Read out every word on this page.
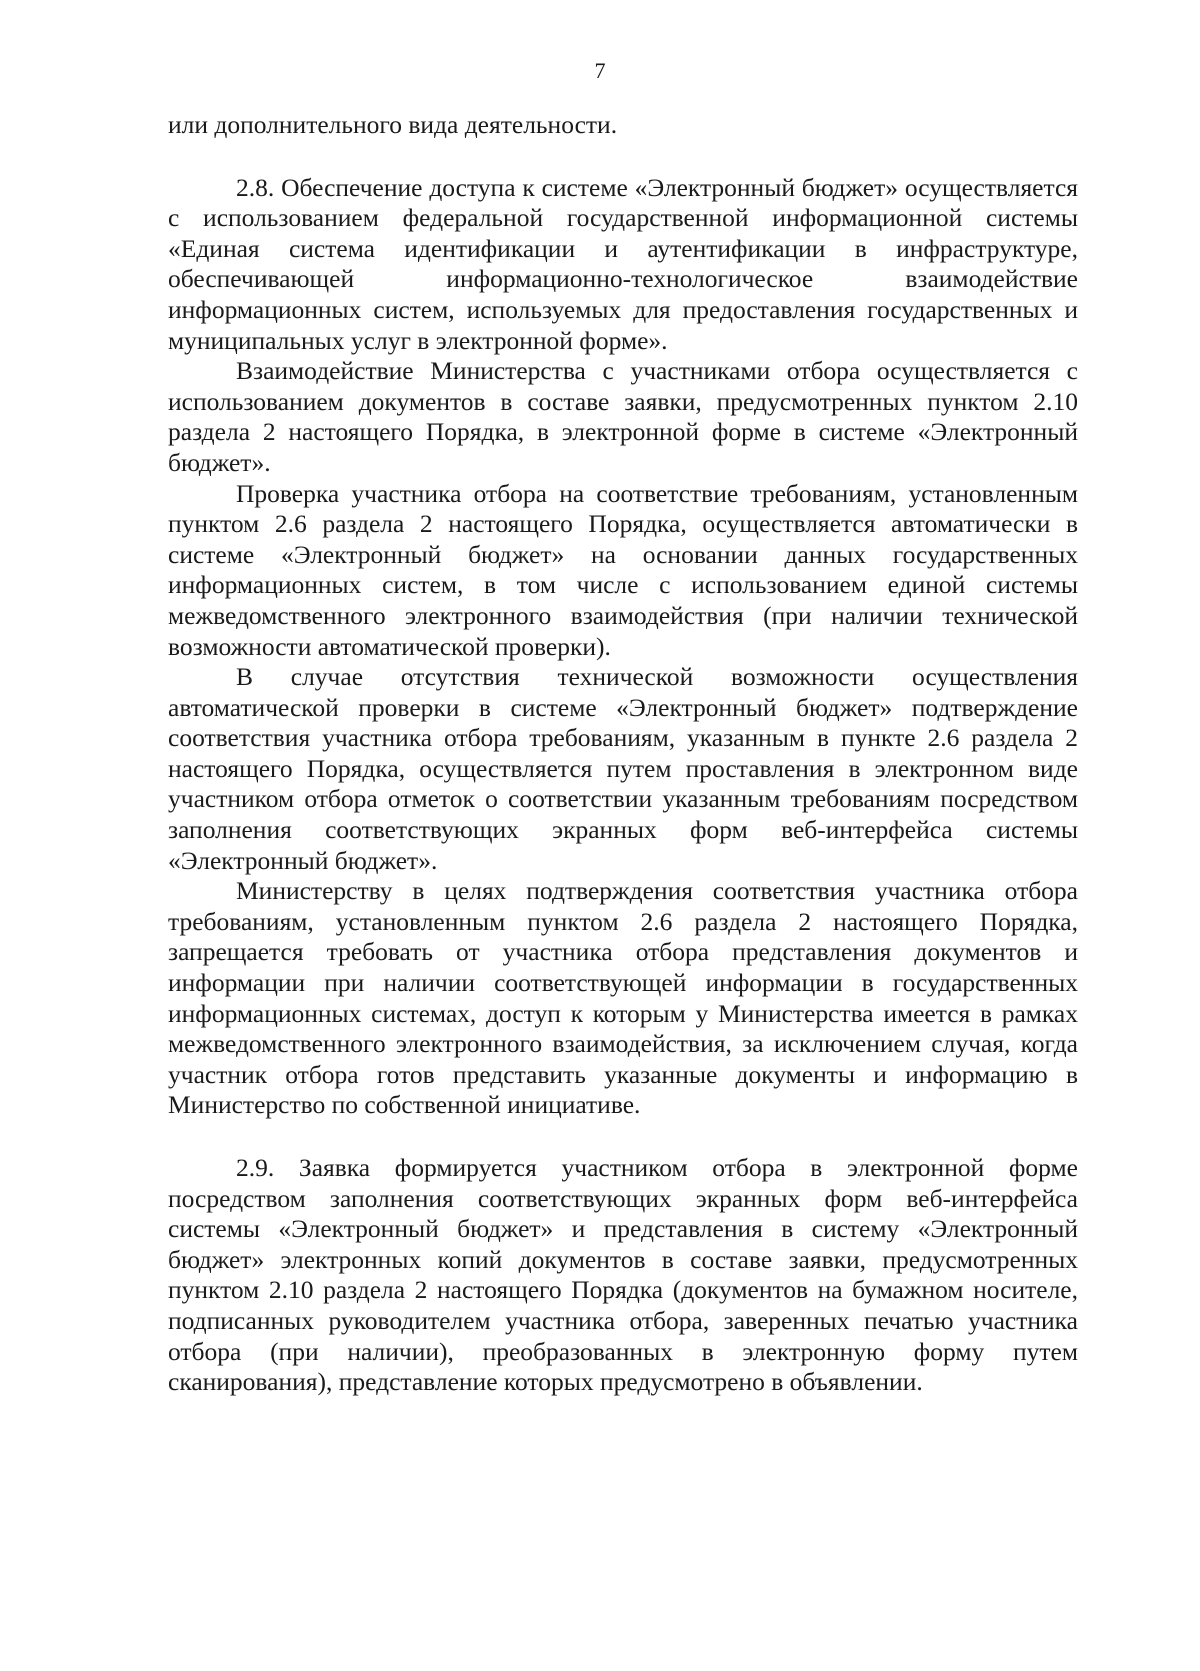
7

или дополнительного вида деятельности.

2.8. Обеспечение доступа к системе «Электронный бюджет» осуществляется с использованием федеральной государственной информационной системы «Единая система идентификации и аутентификации в инфраструктуре, обеспечивающей информационно-технологическое взаимодействие информационных систем, используемых для предоставления государственных и муниципальных услуг в электронной форме».

Взаимодействие Министерства с участниками отбора осуществляется с использованием документов в составе заявки, предусмотренных пунктом 2.10 раздела 2 настоящего Порядка, в электронной форме в системе «Электронный бюджет».

Проверка участника отбора на соответствие требованиям, установленным пунктом 2.6 раздела 2 настоящего Порядка, осуществляется автоматически в системе «Электронный бюджет» на основании данных государственных информационных систем, в том числе с использованием единой системы межведомственного электронного взаимодействия (при наличии технической возможности автоматической проверки).

В случае отсутствия технической возможности осуществления автоматической проверки в системе «Электронный бюджет» подтверждение соответствия участника отбора требованиям, указанным в пункте 2.6 раздела 2 настоящего Порядка, осуществляется путем проставления в электронном виде участником отбора отметок о соответствии указанным требованиям посредством заполнения соответствующих экранных форм веб-интерфейса системы «Электронный бюджет».

Министерству в целях подтверждения соответствия участника отбора требованиям, установленным пунктом 2.6 раздела 2 настоящего Порядка, запрещается требовать от участника отбора представления документов и информации при наличии соответствующей информации в государственных информационных системах, доступ к которым у Министерства имеется в рамках межведомственного электронного взаимодействия, за исключением случая, когда участник отбора готов представить указанные документы и информацию в Министерство по собственной инициативе.

2.9. Заявка формируется участником отбора в электронной форме посредством заполнения соответствующих экранных форм веб-интерфейса системы «Электронный бюджет» и представления в систему «Электронный бюджет» электронных копий документов в составе заявки, предусмотренных пунктом 2.10 раздела 2 настоящего Порядка (документов на бумажном носителе, подписанных руководителем участника отбора, заверенных печатью участника отбора (при наличии), преобразованных в электронную форму путем сканирования), представление которых предусмотрено в объявлении.
